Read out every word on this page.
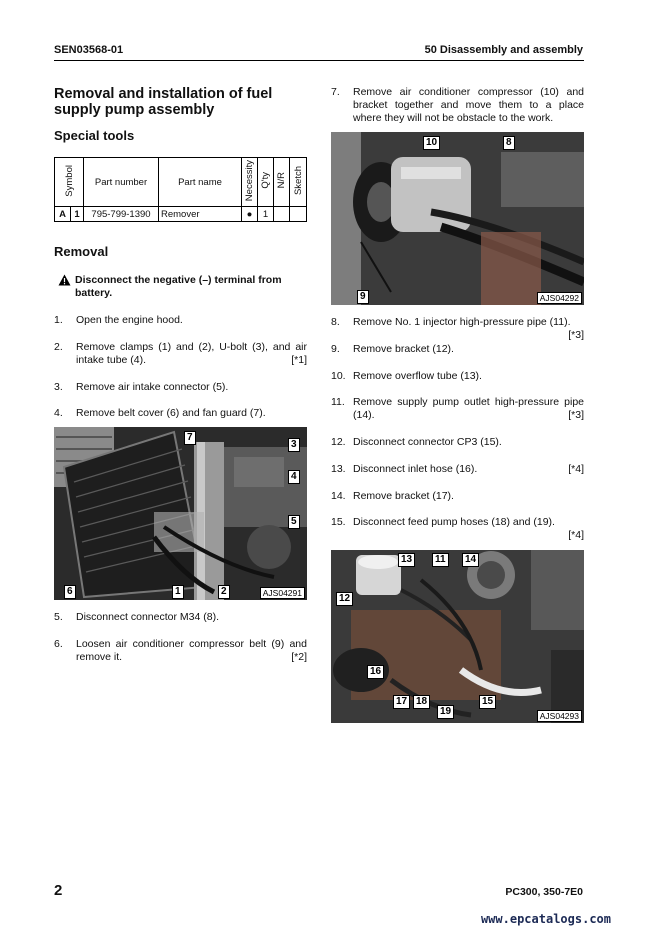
SEN03568-01	50 Disassembly and assembly
Removal and installation of fuel supply pump assembly
Special tools
Symbol		Part number	Part name	Necessity	Q'ty	N/R	Sketch
A	1	795-799-1390	Remover	●	1		
Removal
Disconnect the negative (–) terminal from battery.
1.	Open the engine hood.
2.	Remove clamps (1) and (2), U-bolt (3), and air intake tube (4).	[*1]
3.	Remove air intake connector (5).
4.	Remove belt cover (6) and fan guard (7).
7
3
4
5
6	1	2	AJS04291
5.	Disconnect connector M34 (8).
6.	Loosen air conditioner compressor belt (9) and remove it.	[*2]
7.	Remove air conditioner compressor (10) and bracket together and move them to a place where they will not be obstacle to the work.
10	8
9	AJS04292
8.	Remove No. 1 injector high-pressure pipe (11).
[*3]
9.	Remove bracket (12).
10. Remove overflow tube (13).
11. Remove supply pump outlet high-pressure pipe (14).	[*3]
12. Disconnect connector CP3 (15).
13. Disconnect inlet hose (16).	[*4]
14. Remove bracket (17).
15. Disconnect feed pump hoses (18) and (19).
[*4]
13	11	14
12
16
17 18
19
15
AJS04293
2	PC300, 350-7E0
www.epcatalogs.com
